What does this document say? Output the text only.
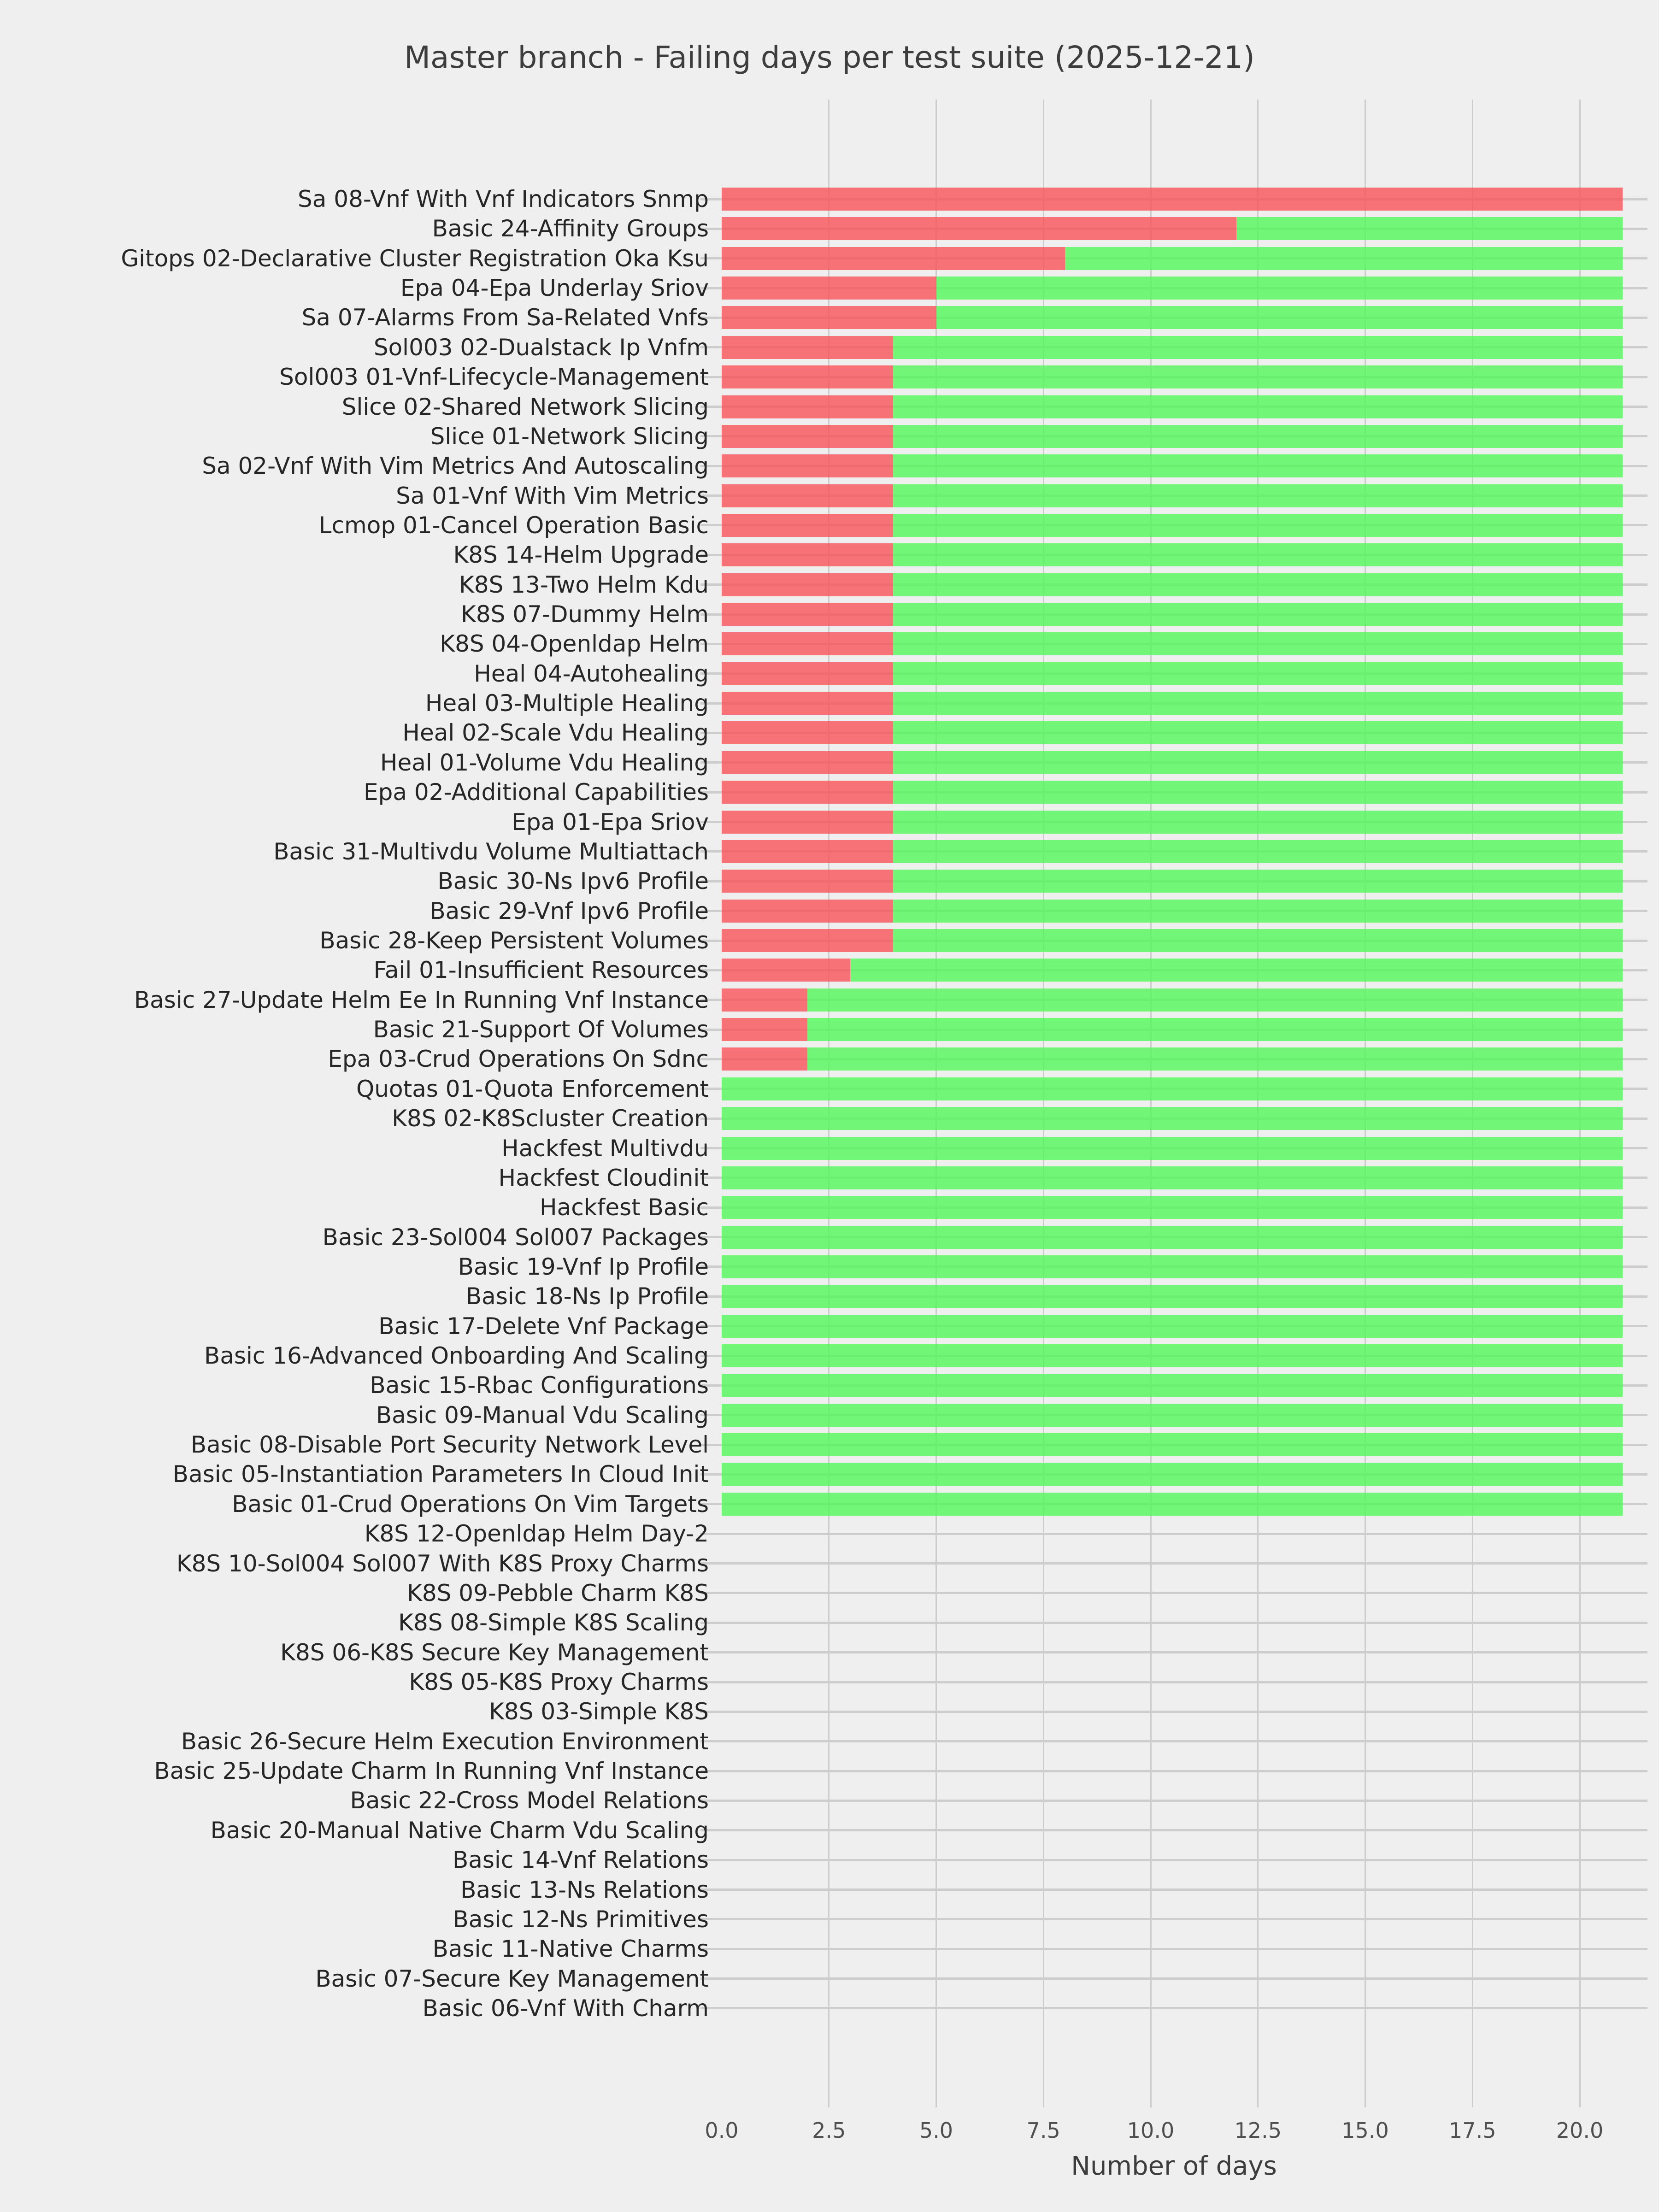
Master branch - Failing days per test suite (2025-12-21)
Sa 08-Vnf With Vnf Indicators Snmp
Basic 24-Affinity Groups
Gitops 02-Declarative Cluster Registration Oka Ksu
Epa 04-Epa Underlay Sriov
Sa 07-Alarms From Sa-Related Vnfs
Sol003 02-Dualstack Ip Vnfm
Sol003 01-Vnf-Lifecycle-Management
Slice 02-Shared Network Slicing
Slice 01-Network Slicing
Sa 02-Vnf With Vim Metrics And Autoscaling
Sa 01-Vnf With Vim Metrics
Lcmop 01-Cancel Operation Basic
K8S 14-Helm Upgrade
K8S 13-Two Helm Kdu
K8S 07-Dummy Helm
K8S 04-Openldap Helm
Heal 04-Autohealing
Heal 03-Multiple Healing
Heal 02-Scale Vdu Healing
Heal 01-Volume Vdu Healing
Epa 02-Additional Capabilities
Epa 01-Epa Sriov
Basic 31-Multivdu Volume Multiattach
Basic 30-Ns Ipv6 Profile
Basic 29-Vnf Ipv6 Profile
Basic 28-Keep Persistent Volumes
Fail 01-Insufficient Resources
Basic 27-Update Helm Ee In Running Vnf Instance
Basic 21-Support Of Volumes
Epa 03-Crud Operations On Sdnc
Quotas 01-Quota Enforcement
K8S 02-K8Scluster Creation
Hackfest Multivdu
Hackfest Cloudinit
Hackfest Basic
Basic 23-Sol004 Sol007 Packages
Basic 19-Vnf Ip Profile
Basic 18-Ns Ip Profile
Basic 17-Delete Vnf Package
Basic 16-Advanced Onboarding And Scaling
Basic 15-Rbac Configurations
Basic 09-Manual Vdu Scaling
Basic 08-Disable Port Security Network Level
Basic 05-Instantiation Parameters In Cloud Init
Basic 01-Crud Operations On Vim Targets
K8S 12-Openldap Helm Day-2
K8S 10-Sol004 Sol007 With K8S Proxy Charms
K8S 09-Pebble Charm K8S
K8S 08-Simple K8S Scaling
K8S 06-K8S Secure Key Management
K8S 05-K8S Proxy Charms
K8S 03-Simple K8S
Basic 26-Secure Helm Execution Environment
Basic 25-Update Charm In Running Vnf Instance
Basic 22-Cross Model Relations
Basic 20-Manual Native Charm Vdu Scaling
Basic 14-Vnf Relations
Basic 13-Ns Relations
Basic 12-Ns Primitives
Basic 11-Native Charms
Basic 07-Secure Key Management
Basic 06-Vnf With Charm
0.0	2.5	5.0	7.5	10.0	12.5	15.0	17.5	20.0
Number of days
